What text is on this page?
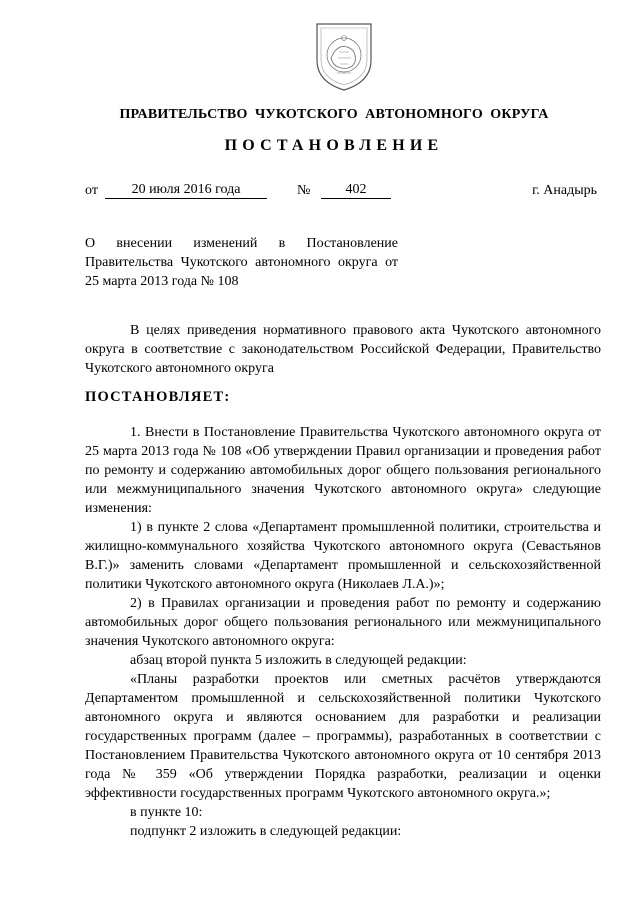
ПРАВИТЕЛЬСТВО  ЧУКОТСКОГО  АВТОНОМНОГО  ОКРУГА
ПОСТАНОВЛЕНИЕ
от	20 июля 2016 года	№	402	г. Анадырь
О внесении изменений в Постановление Правительства Чукотского автономного округа от 25 марта 2013 года № 108

В целях приведения нормативного правового акта Чукотского автономного округа в соответствие с законодательством Российской Федерации, Правительство Чукотского автономного округа

ПОСТАНОВЛЯЕТ:

1. Внести в Постановление Правительства Чукотского автономного округа от 25 марта 2013 года № 108 «Об утверждении Правил организации и проведения работ по ремонту и содержанию автомобильных дорог общего пользования регионального или межмуниципального значения Чукотского автономного округа» следующие изменения:

1) в пункте 2 слова «Департамент промышленной политики, строительства и жилищно-коммунального хозяйства Чукотского автономного округа (Севастьянов В.Г.)» заменить словами «Департамент промышленной и сельскохозяйственной политики Чукотского автономного округа (Николаев Л.А.)»;

2) в Правилах организации и проведения работ по ремонту и содержанию автомобильных дорог общего пользования регионального или межмуниципального значения Чукотского автономного округа:

абзац второй пункта 5 изложить в следующей редакции:

«Планы разработки проектов или сметных расчётов утверждаются Департаментом промышленной и сельскохозяйственной политики Чукотского автономного округа и являются основанием для разработки и реализации государственных программ (далее – программы), разработанных в соответствии с Постановлением Правительства Чукотского автономного округа от 10 сентября 2013 года № 359 «Об утверждении Порядка разработки, реализации и оценки эффективности государственных программ Чукотского автономного округа.»;

в пункте 10:

подпункт 2 изложить в следующей редакции:
